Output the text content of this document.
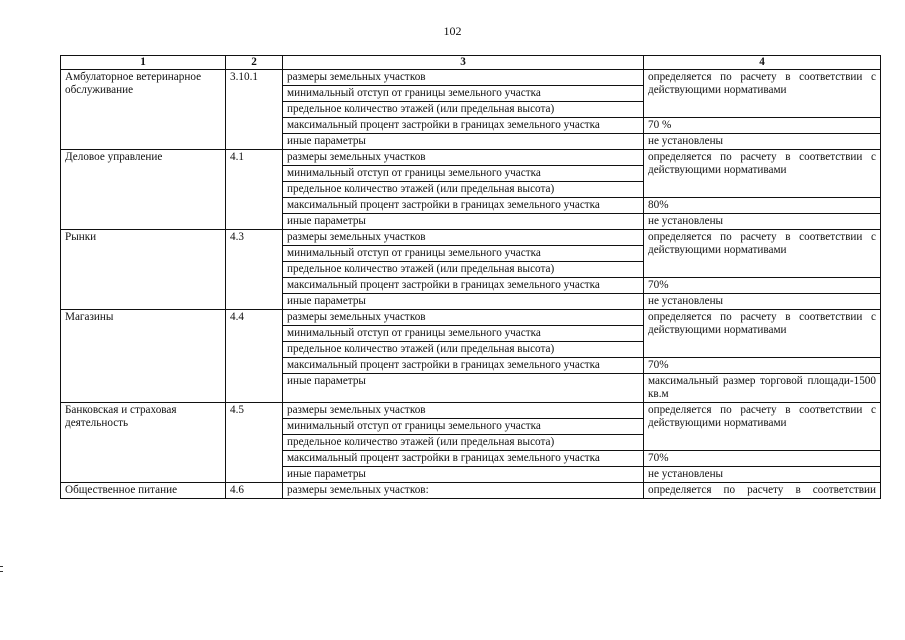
102
1	2	3	4
Амбулаторное ветеринарное обслуживание	3.10.1	размеры земельных участков	определяется по расчету в соответствии с действующими нормативами
		минимальный отступ от границы земельного участка	
		предельное количество этажей (или предельная высота)	

		максимальный процент застройки в границах земельного участка	70 %
		иные параметры	не установлены
Деловое управление	4.1	размеры земельных участков	определяется по расчету в соответствии с действующими нормативами
		минимальный отступ от границы земельного участка	
		предельное количество этажей (или предельная высота)	

		максимальный процент застройки в границах земельного участка	80%
		иные параметры	не установлены
Рынки	4.3	размеры земельных участков	определяется по расчету в соответствии с действующими нормативами
		минимальный отступ от границы земельного участка	
		предельное количество этажей (или предельная высота)	

		максимальный процент застройки в границах земельного участка	70%
		иные параметры	не установлены
Магазины	4.4	размеры земельных участков	определяется по расчету в соответствии с действующими нормативами
		минимальный отступ от границы земельного участка	
		предельное количество этажей (или предельная высота)	

		максимальный процент застройки в границах земельного участка	70%
		иные параметры	максимальный размер торговой площади-1500 кв.м
Банковская и страховая деятельность	4.5	размеры земельных участков	определяется по расчету в соответствии с действующими нормативами
		минимальный отступ от границы земельного участка	
		предельное количество этажей (или предельная высота)	

		максимальный процент застройки в границах земельного участка	70%
		иные параметры	не установлены
Общественное питание	4.6	размеры земельных участков:	определяется по расчету в соответствии
